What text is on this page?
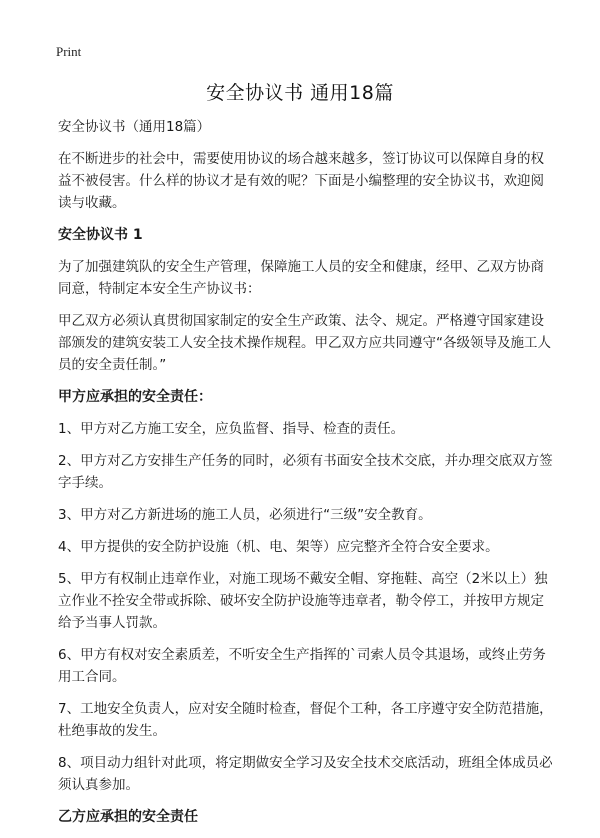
Print
安全协议书 通用18篇

安全协议书（通用18篇）

在不断进步的社会中，需要使用协议的场合越来越多，签订协议可以保障自身的权益不被侵害。什么样的协议才是有效的呢？下面是小编整理的安全协议书，欢迎阅读与收藏。

安全协议书 1

为了加强建筑队的安全生产管理，保障施工人员的安全和健康，经甲、乙双方协商同意，特制定本安全生产协议书：

甲乙双方必须认真贯彻国家制定的安全生产政策、法令、规定。严格遵守国家建设部颁发的建筑安装工人安全技术操作规程。甲乙双方应共同遵守“各级领导及施工人员的安全责任制。”

甲方应承担的安全责任：

1、甲方对乙方施工安全，应负监督、指导、检查的责任。

2、甲方对乙方安排生产任务的同时，必须有书面安全技术交底，并办理交底双方签字手续。

3、甲方对乙方新进场的施工人员，必须进行“三级”安全教育。

4、甲方提供的安全防护设施（机、电、架等）应完整齐全符合安全要求。

5、甲方有权制止违章作业，对施工现场不戴安全帽、穿拖鞋、高空（2米以上）独立作业不拴安全带或拆除、破坏安全防护设施等违章者，勒令停工，并按甲方规定给予当事人罚款。

6、甲方有权对安全素质差，不听安全生产指挥的`司索人员令其退场，或终止劳务用工合同。

7、工地安全负责人，应对安全随时检查，督促个工种，各工序遵守安全防范措施，杜绝事故的发生。

8、项目动力组针对此项，将定期做安全学习及安全技术交底活动，班组全体成员必须认真参加。

乙方应承担的安全责任
